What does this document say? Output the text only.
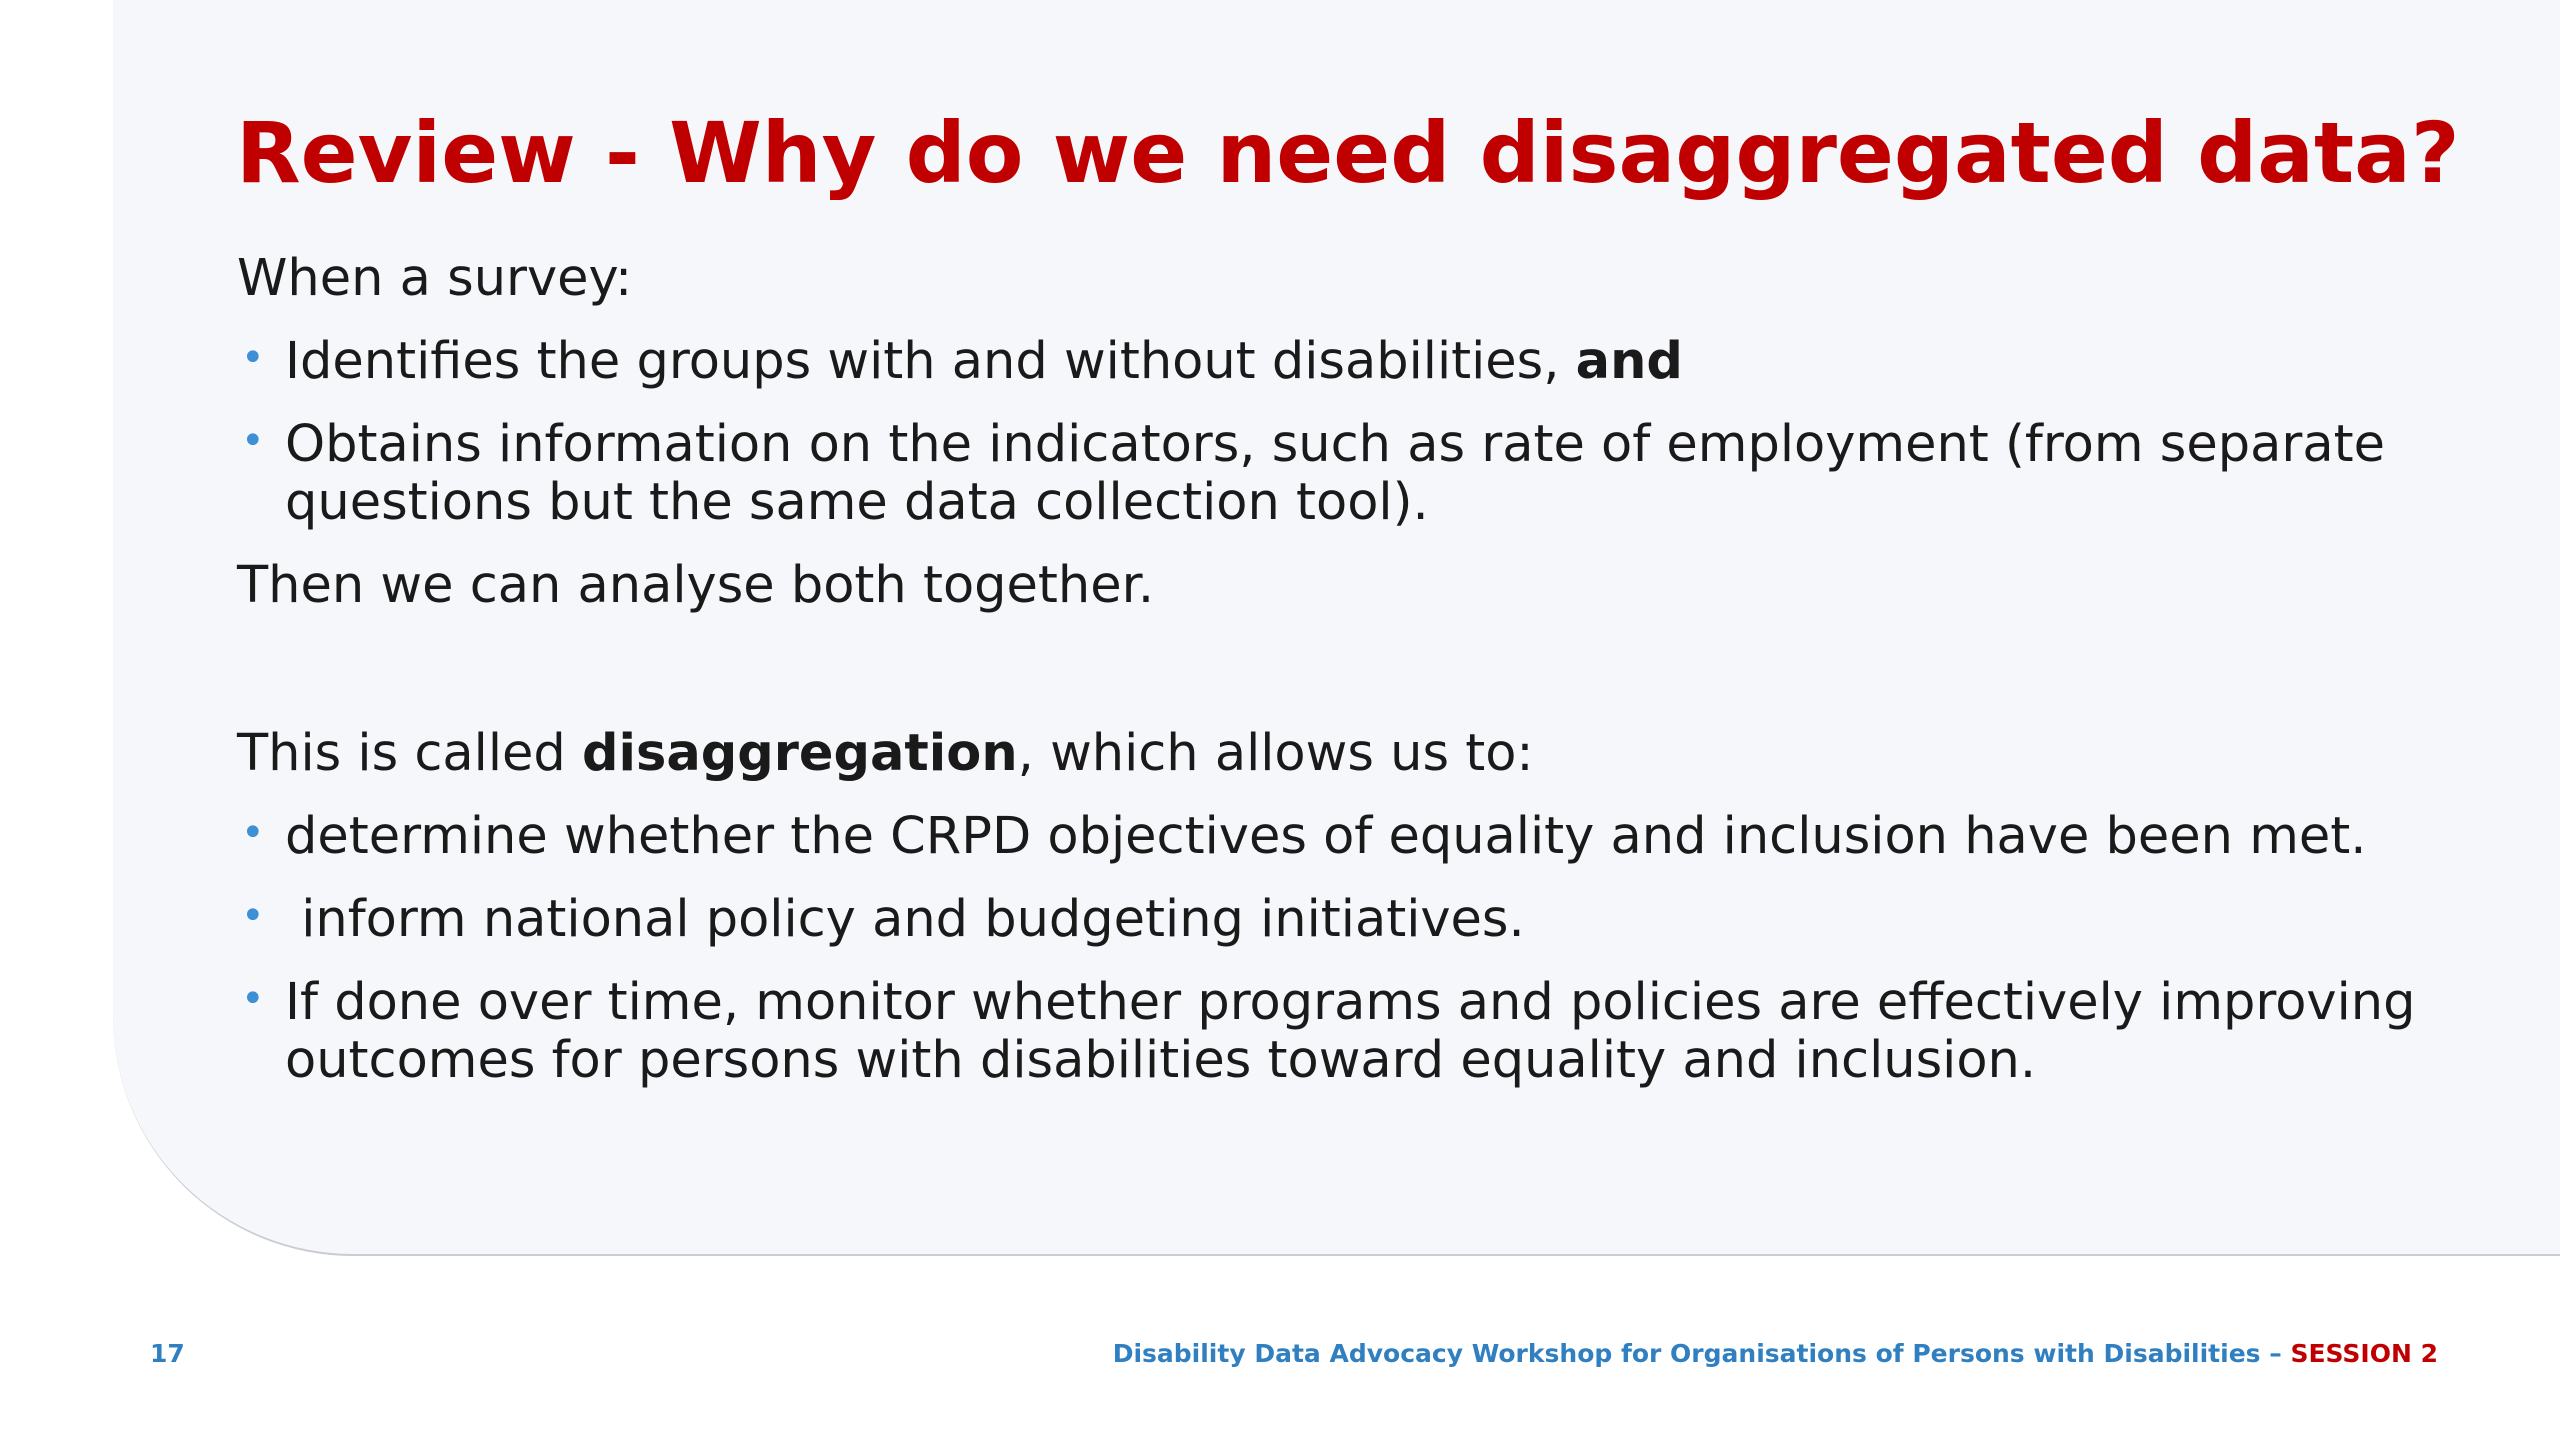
Review - Why do we need disaggregated data?

When a survey:

• Identifies the groups with and without disabilities, and
• Obtains information on the indicators, such as rate of employment (from separate questions but the same data collection tool).

Then we can analyse both together.

This is called disaggregation, which allows us to:

• determine whether the CRPD objectives of equality and inclusion have been met.
• inform national policy and budgeting initiatives.
• If done over time, monitor whether programs and policies are effectively improving outcomes for persons with disabilities toward equality and inclusion.
17	Disability Data Advocacy Workshop for Organisations of Persons with Disabilities – SESSION 2
